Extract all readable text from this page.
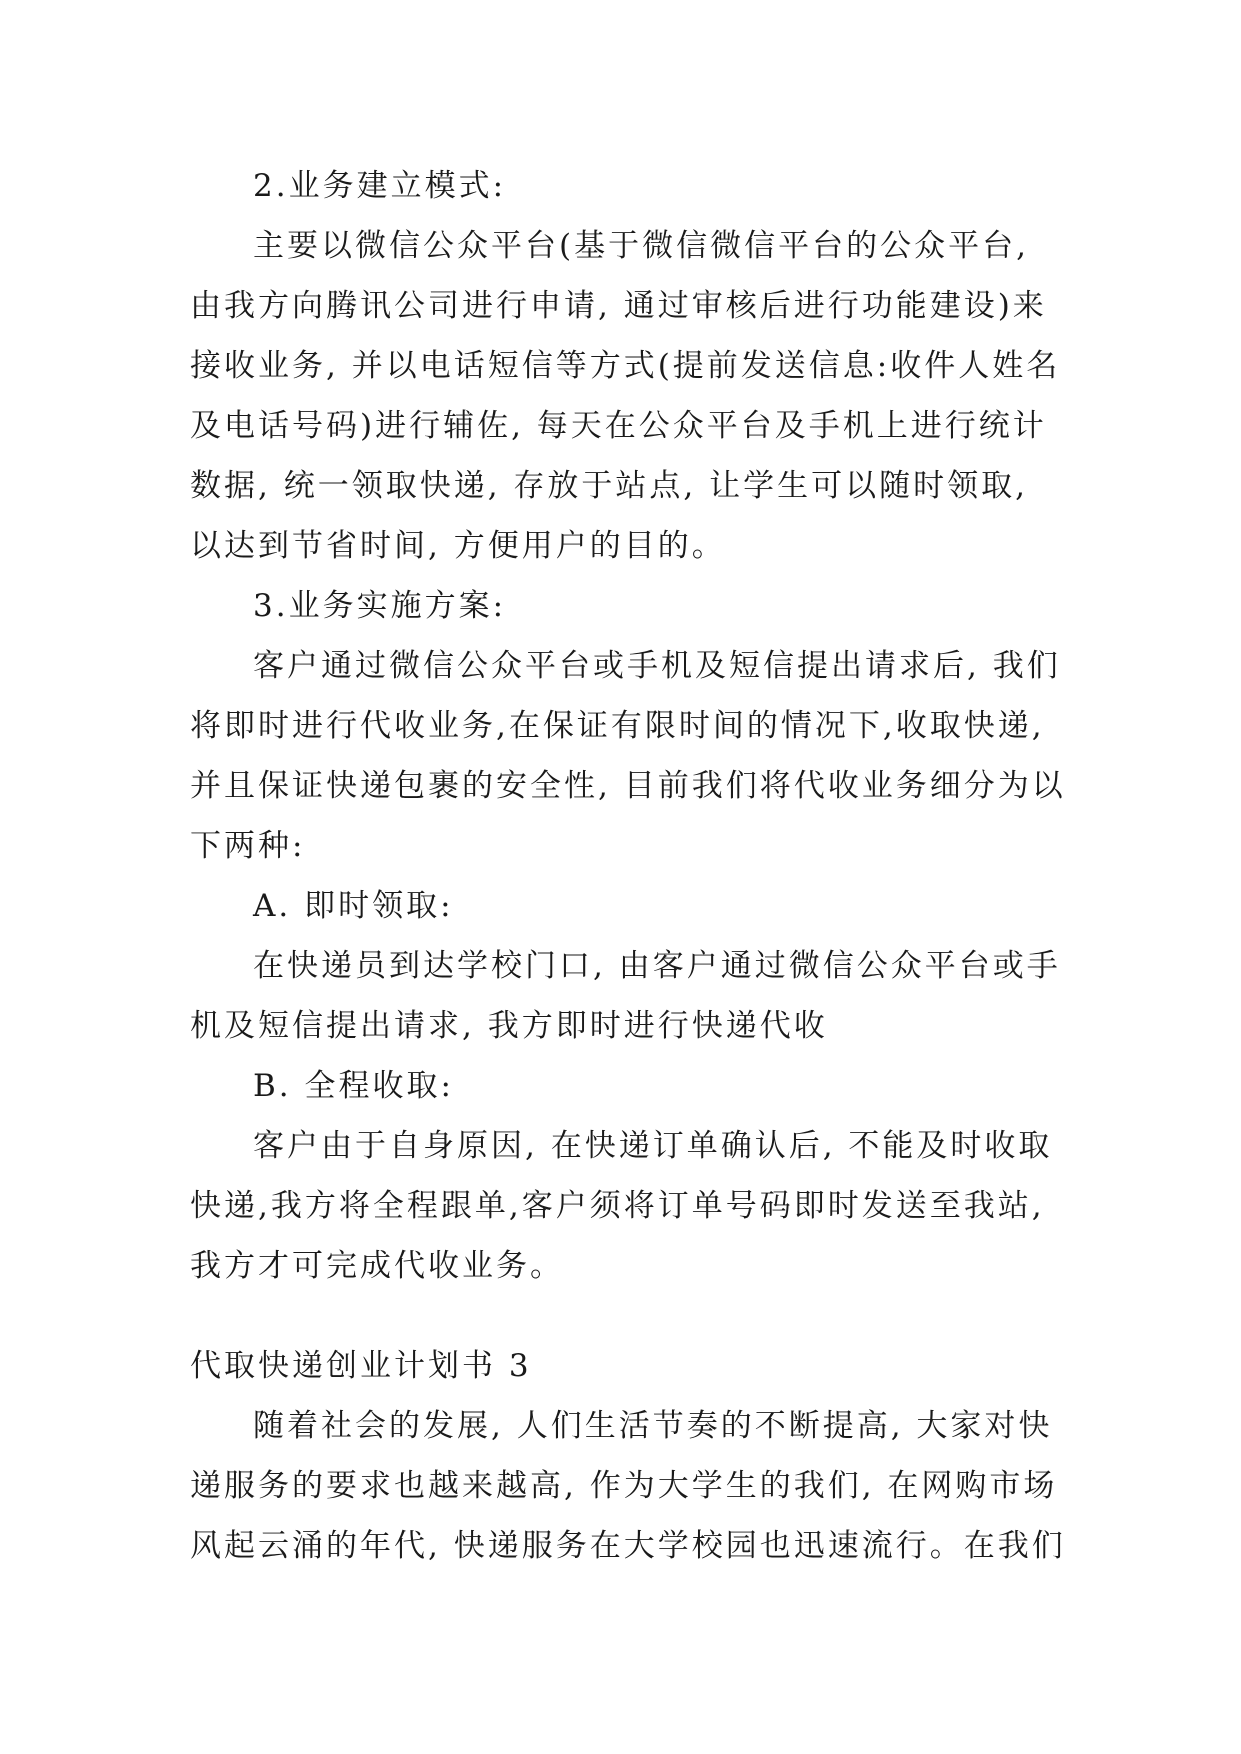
2.业务建立模式:

主要以微信公众平台(基于微信微信平台的公众平台,

由我方向腾讯公司进行申请, 通过审核后进行功能建设)来

接收业务, 并以电话短信等方式(提前发送信息:收件人姓名

及电话号码)进行辅佐, 每天在公众平台及手机上进行统计

数据, 统一领取快递, 存放于站点, 让学生可以随时领取,

以达到节省时间, 方便用户的目的。

3.业务实施方案:

客户通过微信公众平台或手机及短信提出请求后, 我们

将即时进行代收业务,在保证有限时间的情况下,收取快递,

并且保证快递包裹的安全性, 目前我们将代收业务细分为以

下两种:

A. 即时领取:

在快递员到达学校门口, 由客户通过微信公众平台或手

机及短信提出请求, 我方即时进行快递代收

B. 全程收取:

客户由于自身原因, 在快递订单确认后, 不能及时收取

快递,我方将全程跟单,客户须将订单号码即时发送至我站,

我方才可完成代收业务。

代取快递创业计划书 3

随着社会的发展, 人们生活节奏的不断提高, 大家对快

递服务的要求也越来越高, 作为大学生的我们, 在网购市场

风起云涌的年代, 快递服务在大学校园也迅速流行。在我们
